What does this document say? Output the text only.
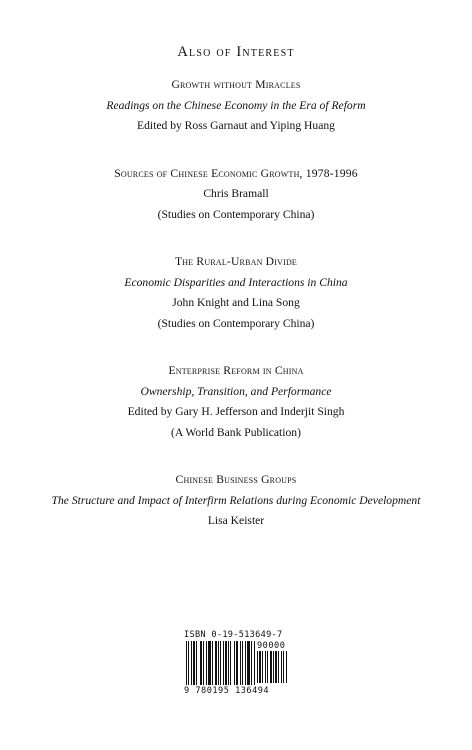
Also of Interest
Growth without Miracles
Readings on the Chinese Economy in the Era of Reform
Edited by Ross Garnaut and Yiping Huang
Sources of Chinese Economic Growth, 1978-1996
Chris Bramall
(Studies on Contemporary China)
The Rural-Urban Divide
Economic Disparities and Interactions in China
John Knight and Lina Song
(Studies on Contemporary China)
Enterprise Reform in China
Ownership, Transition, and Performance
Edited by Gary H. Jefferson and Inderjit Singh
(A World Bank Publication)
Chinese Business Groups
The Structure and Impact of Interfirm Relations during Economic Development
Lisa Keister
ISBN 0-19-513649-7
90000
9 780195 136494
